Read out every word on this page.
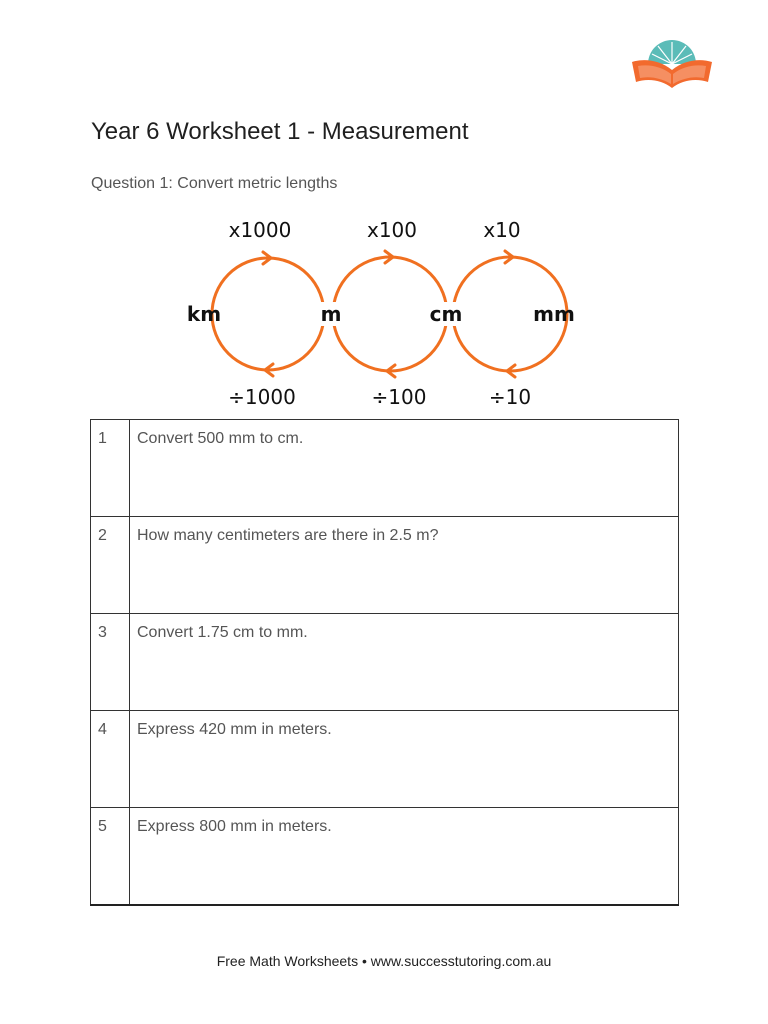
Year 6 Worksheet 1 - Measurement
Question 1: Convert metric lengths
km	m	cm	mm
x1000	x100	x10
÷1000	÷100	÷10
1	Convert 500 mm to cm.
2	How many centimeters are there in 2.5 m?
3	Convert 1.75 cm to mm.
4	Express 420 mm in meters.
5	Express 800 mm in meters.
Free Math Worksheets • www.successtutoring.com.au
